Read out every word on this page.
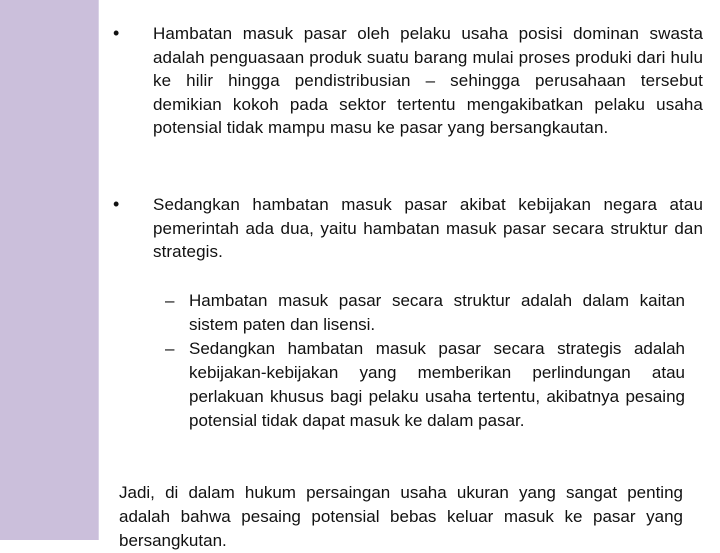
• Hambatan masuk pasar oleh pelaku usaha posisi dominan swasta adalah penguasaan produk suatu barang mulai proses produki dari hulu ke hilir hingga pendistribusian – sehingga perusahaan tersebut demikian kokoh pada sektor tertentu mengakibatkan pelaku usaha potensial tidak mampu masu ke pasar yang bersangkautan.
• Sedangkan hambatan masuk pasar akibat kebijakan negara atau pemerintah ada dua, yaitu hambatan masuk pasar secara struktur dan strategis.
– Hambatan masuk pasar secara struktur adalah dalam kaitan sistem paten dan lisensi.
– Sedangkan hambatan masuk pasar secara strategis adalah kebijakan-kebijakan yang memberikan perlindungan atau perlakuan khusus bagi pelaku usaha tertentu, akibatnya pesaing potensial tidak dapat masuk ke dalam pasar.
Jadi, di dalam hukum persaingan usaha ukuran yang sangat penting adalah bahwa pesaing potensial bebas keluar masuk ke pasar yang bersangkutan.
